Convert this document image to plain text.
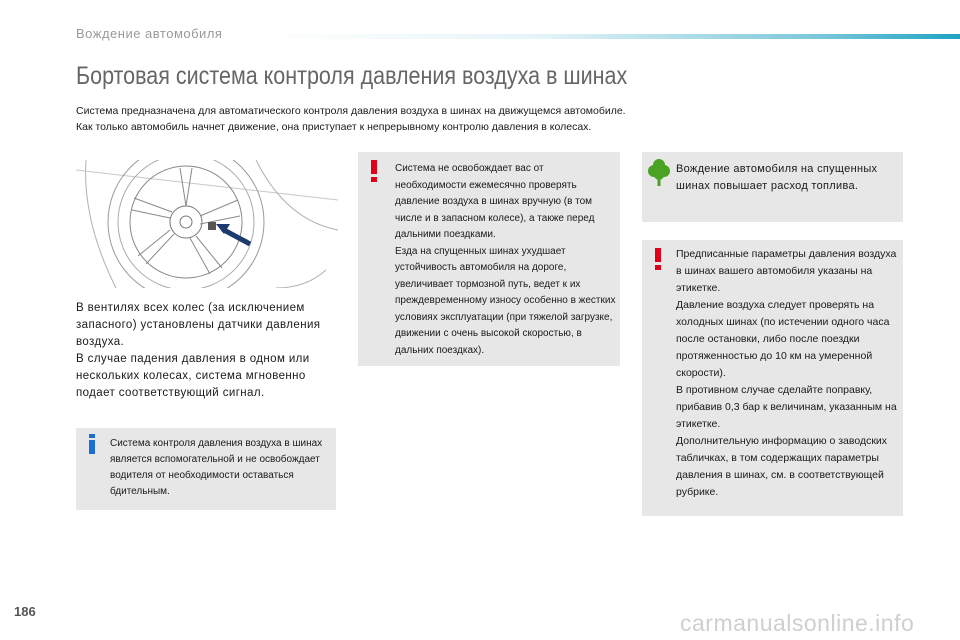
Вождение автомобиля
Бортовая система контроля давления воздуха в шинах

Система предназначена для автоматического контроля давления воздуха в шинах на движущемся автомобиле.

Как только автомобиль начнет движение, она приступает к непрерывному контролю давления в колесах.

В вентилях всех колес (за исключением запасного) установлены датчики давления воздуха.

В случае падения давления в одном или нескольких колесах, система мгновенно подает соответствующий сигнал.

Система контроля давления воздуха в шинах является вспомогательной и не освобождает водителя от необходимости оставаться бдительным.

Система не освобождает вас от необходимости ежемесячно проверять давление воздуха в шинах вручную (в том числе и в запасном колесе), а также перед дальними поездками.

Езда на спущенных шинах ухудшает устойчивость автомобиля на дороге, увеличивает тормозной путь, ведет к их преждевременному износу особенно в жестких условиях эксплуатации (при тяжелой загрузке, движении с очень высокой скоростью, в дальних поездках).

Вождение автомобиля на спущенных шинах повышает расход топлива.

Предписанные параметры давления воздуха в шинах вашего автомобиля указаны на этикетке.

Давление воздуха следует проверять на холодных шинах (по истечении одного часа после остановки, либо после поездки протяженностью до 10 км на умеренной скорости).

В противном случае сделайте поправку, прибавив 0,3 бар к величинам, указанным на этикетке.

Дополнительную информацию о заводских табличках, в том содержащих параметры давления в шинах, см. в соответствующей рубрике.

186	carmanualsonline.info
